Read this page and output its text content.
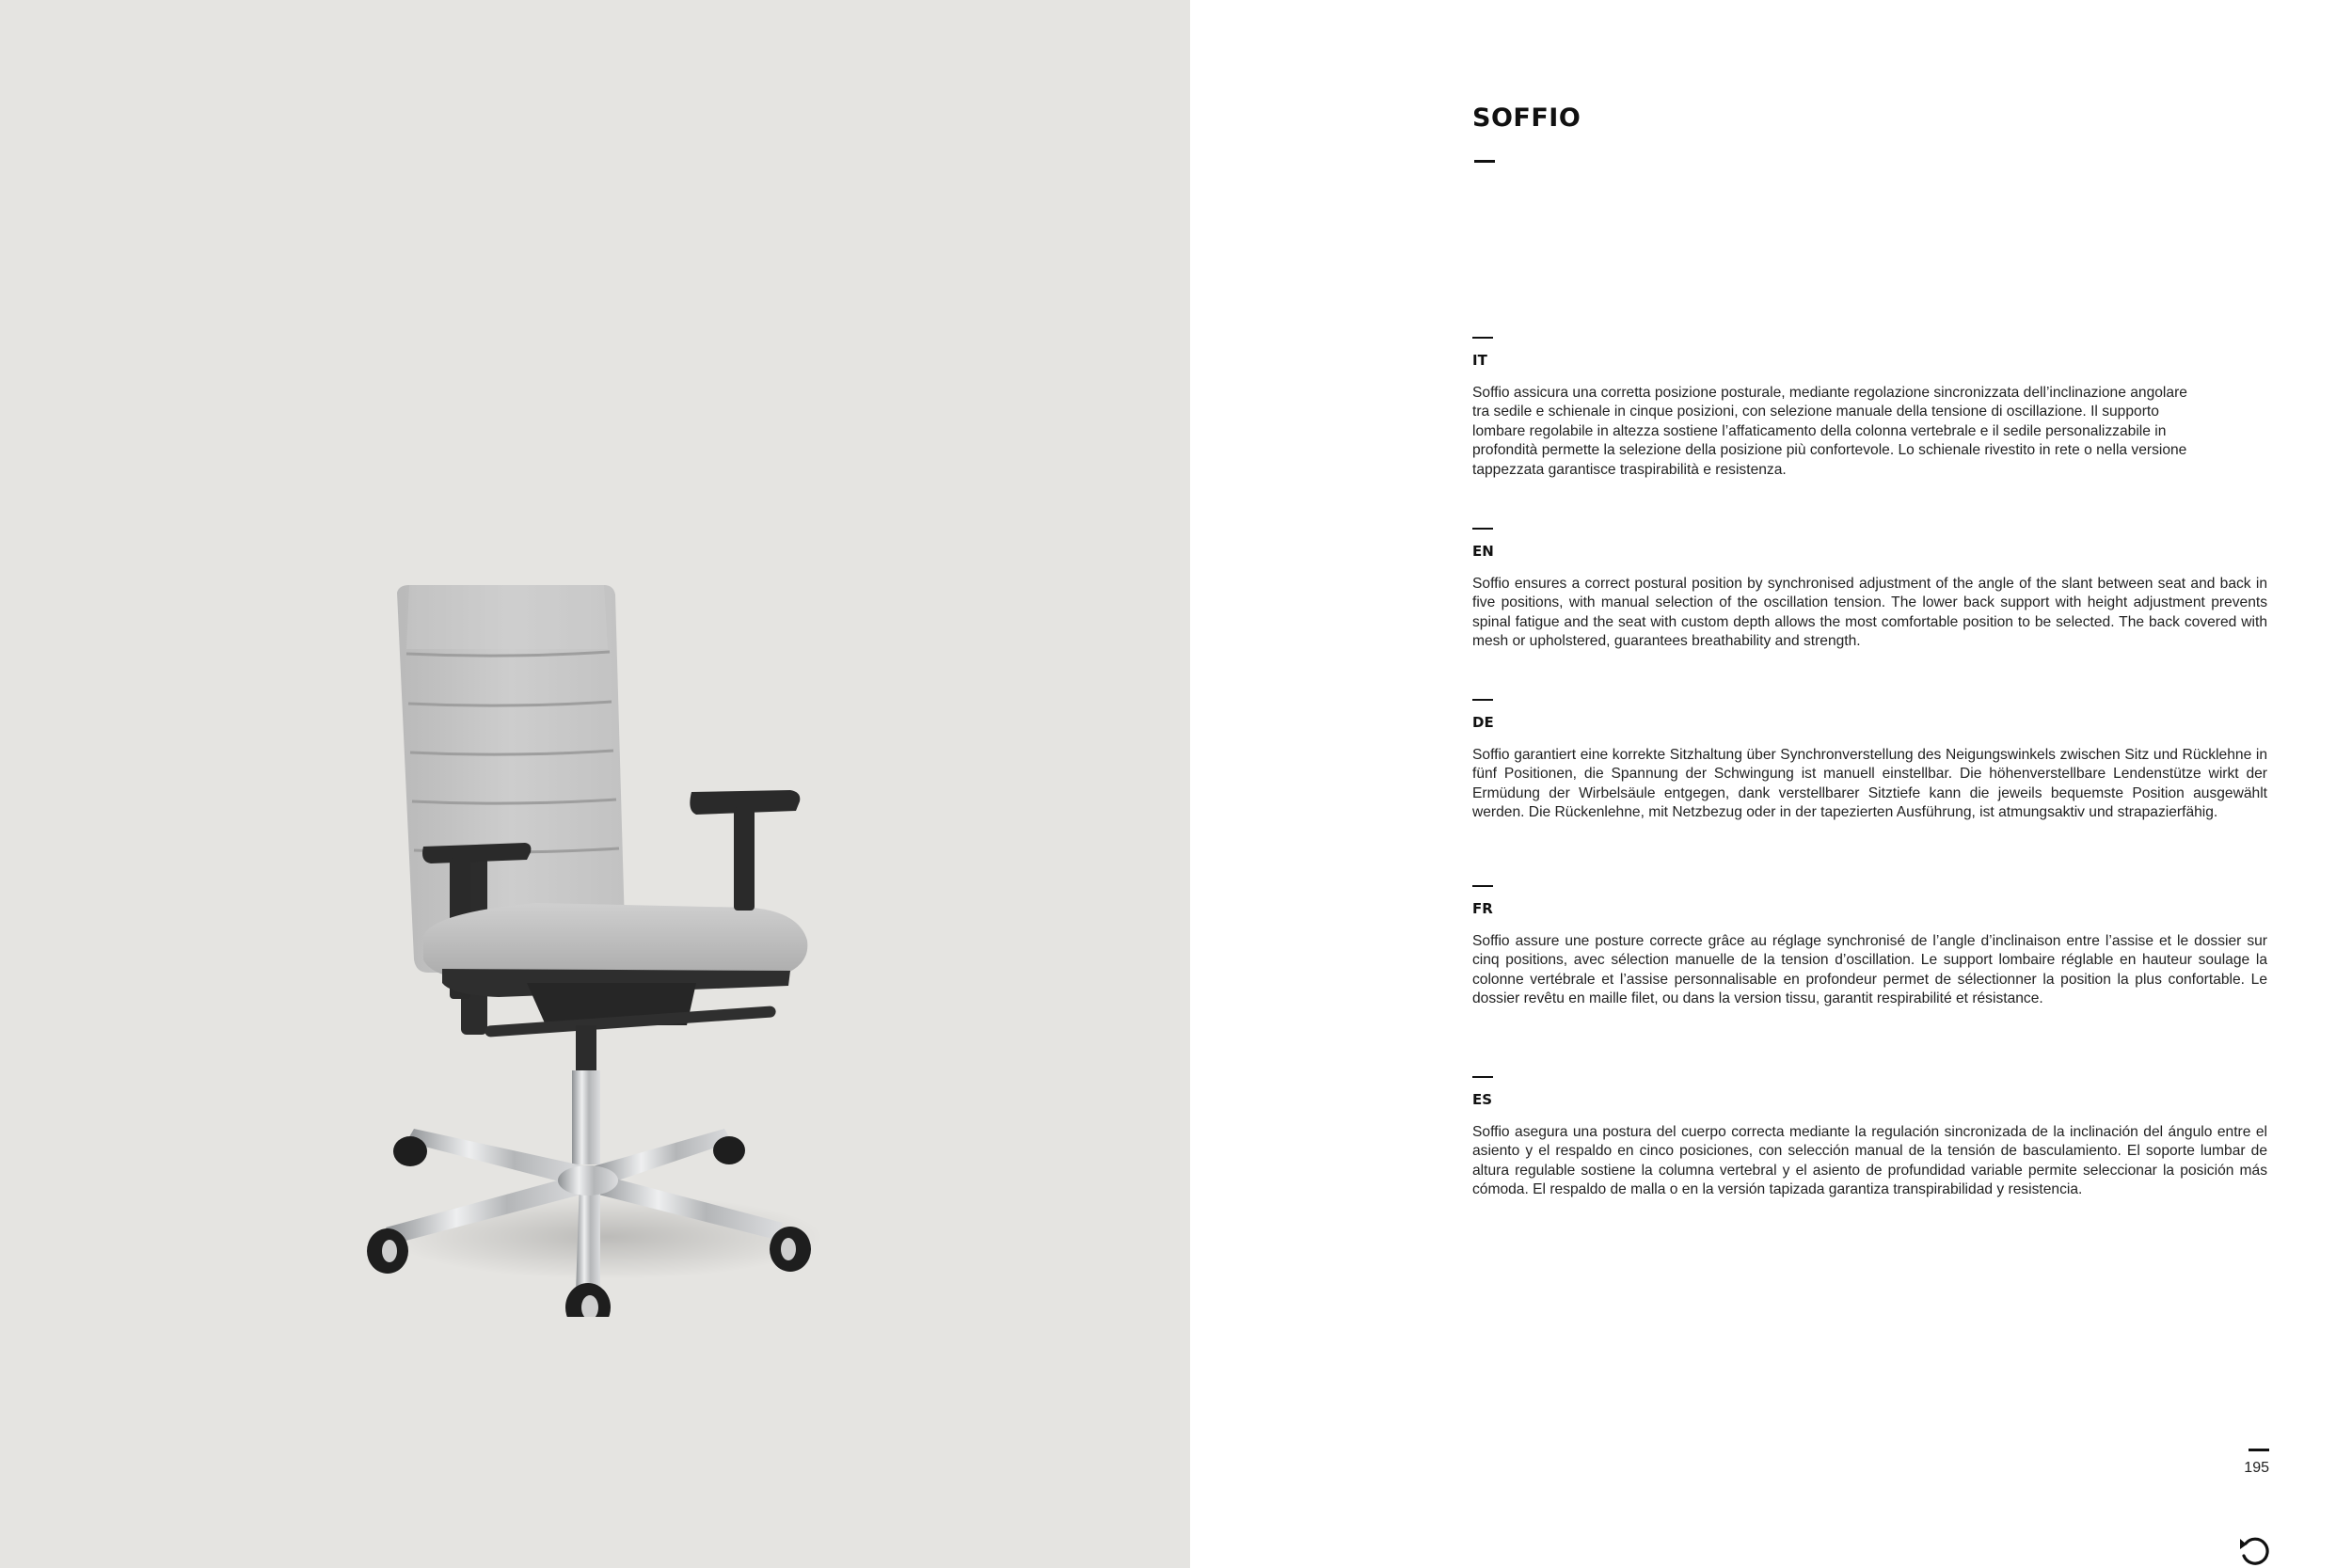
SOFFIO
IT
Soffio assicura una corretta posizione posturale, mediante regolazione sincronizzata dell’inclinazione angolare tra sedile e schienale in cinque posizioni, con selezione manuale della tensione di oscillazione. Il supporto lombare regolabile in altezza sostiene l’affaticamento della colonna vertebrale e il sedile personalizzabile in profondità permette la selezione della posizione più confortevole. Lo schienale rivestito in rete o nella versione tappezzata garantisce traspirabilità e resistenza.
EN
Soffio ensures a correct postural position by synchronised adjustment of the angle of the slant between seat and back in five positions, with manual selection of the oscillation tension. The lower back support with height adjustment prevents spinal fatigue and the seat with custom depth allows the most comfortable position to be selected. The back covered with mesh or upholstered, guarantees breathability and strength.
DE
Soffio garantiert eine korrekte Sitzhaltung über Synchronverstellung des Neigungswinkels zwischen Sitz und Rücklehne in fünf Positionen, die Spannung der Schwingung ist manuell einstellbar. Die höhenverstellbare Lendenstütze wirkt der Ermüdung der Wirbelsäule entgegen, dank verstellbarer Sitztiefe kann die jeweils bequemste Position ausgewählt werden. Die Rückenlehne, mit Netzbezug oder in der tapezierten Ausführung, ist atmungsaktiv und strapazierfähig.
FR
Soffio assure une posture correcte grâce au réglage synchronisé de l’angle d’inclinaison entre l’assise et le dossier sur cinq positions, avec sélection manuelle de la tension d’oscillation. Le support lombaire réglable en hauteur soulage la colonne vertébrale et l’assise personnalisable en profondeur permet de sélectionner la position la plus confortable. Le dossier revêtu en maille filet, ou dans la version tissu, garantit respirabilité et résistance.
ES
Soffio asegura una postura del cuerpo correcta mediante la regulación sincronizada de la inclinación del ángulo entre el asiento y el respaldo en cinco posiciones, con selección manual de la tensión de basculamiento. El soporte lumbar de altura regulable sostiene la columna vertebral y el asiento de profundidad variable permite seleccionar la posición más cómoda. El respaldo de malla o en la versión tapizada garantiza transpirabilidad y resistencia.
195
